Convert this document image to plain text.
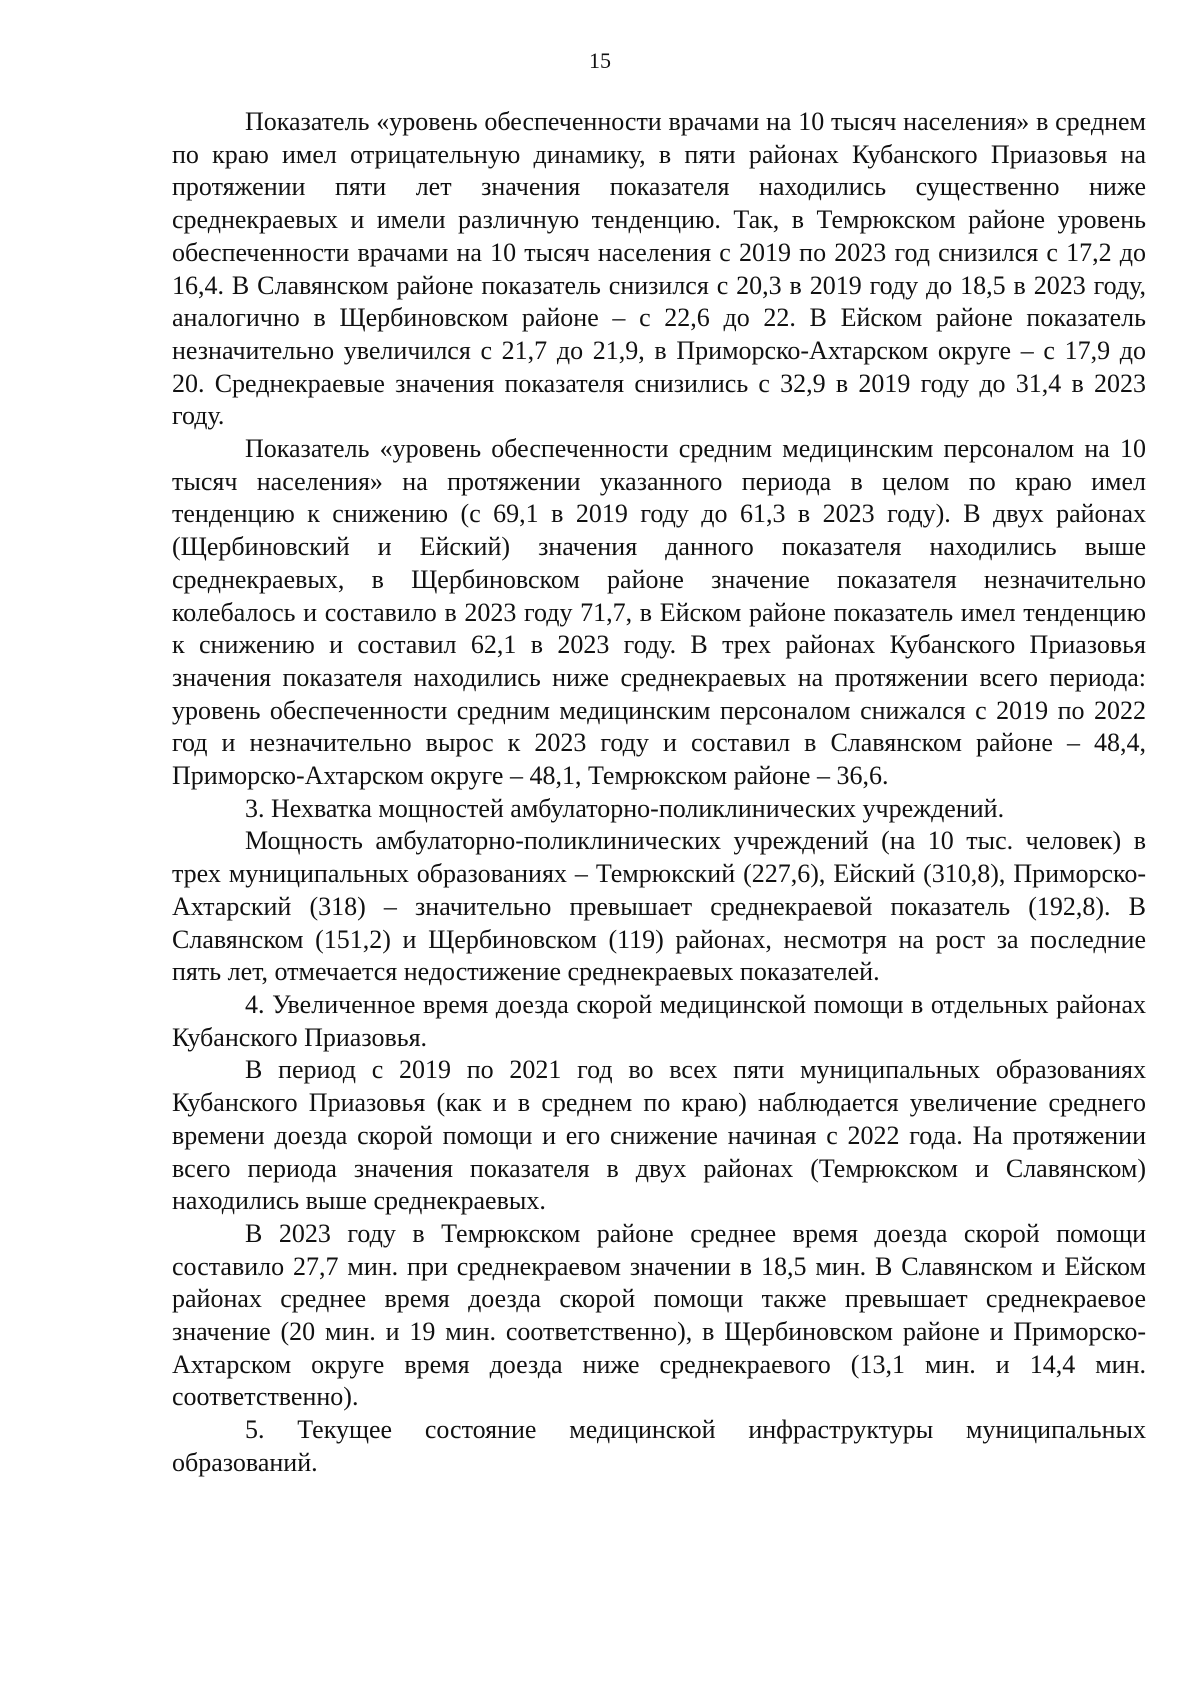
15

Показатель «уровень обеспеченности врачами на 10 тысяч населения» в среднем по краю имел отрицательную динамику, в пяти районах Кубанского Приазовья на протяжении пяти лет значения показателя находились существенно ниже среднекраевых и имели различную тенденцию. Так, в Темрюкском районе уровень обеспеченности врачами на 10 тысяч населения с 2019 по 2023 год снизился с 17,2 до 16,4. В Славянском районе показатель снизился с 20,3 в 2019 году до 18,5 в 2023 году, аналогично в Щербиновском районе – с 22,6 до 22. В Ейском районе показатель незначительно увеличился с 21,7 до 21,9, в Приморско-Ахтарском округе – с 17,9 до 20. Среднекраевые значения показателя снизились с 32,9 в 2019 году до 31,4 в 2023 году.

Показатель «уровень обеспеченности средним медицинским персоналом на 10 тысяч населения» на протяжении указанного периода в целом по краю имел тенденцию к снижению (с 69,1 в 2019 году до 61,3 в 2023 году). В двух районах (Щербиновский и Ейский) значения данного показателя находились выше среднекраевых, в Щербиновском районе значение показателя незначительно колебалось и составило в 2023 году 71,7, в Ейском районе показатель имел тенденцию к снижению и составил 62,1 в 2023 году. В трех районах Кубанского Приазовья значения показателя находились ниже среднекраевых на протяжении всего периода: уровень обеспеченности средним медицинским персоналом снижался с 2019 по 2022 год и незначительно вырос к 2023 году и составил в Славянском районе – 48,4, Приморско-Ахтарском округе – 48,1, Темрюкском районе – 36,6.

3. Нехватка мощностей амбулаторно-поликлинических учреждений.

Мощность амбулаторно-поликлинических учреждений (на 10 тыс. человек) в трех муниципальных образованиях – Темрюкский (227,6), Ейский (310,8), Приморско-Ахтарский (318) – значительно превышает среднекраевой показатель (192,8). В Славянском (151,2) и Щербиновском (119) районах, несмотря на рост за последние пять лет, отмечается недостижение среднекраевых показателей.

4. Увеличенное время доезда скорой медицинской помощи в отдельных районах Кубанского Приазовья.

В период с 2019 по 2021 год во всех пяти муниципальных образованиях Кубанского Приазовья (как и в среднем по краю) наблюдается увеличение среднего времени доезда скорой помощи и его снижение начиная с 2022 года. На протяжении всего периода значения показателя в двух районах (Темрюкском и Славянском) находились выше среднекраевых.

В 2023 году в Темрюкском районе среднее время доезда скорой помощи составило 27,7 мин. при среднекраевом значении в 18,5 мин. В Славянском и Ейском районах среднее время доезда скорой помощи также превышает среднекраевое значение (20 мин. и 19 мин. соответственно), в Щербиновском районе и Приморско-Ахтарском округе время доезда ниже среднекраевого (13,1 мин. и 14,4 мин. соответственно).

5. Текущее состояние медицинской инфраструктуры муниципальных образований.
